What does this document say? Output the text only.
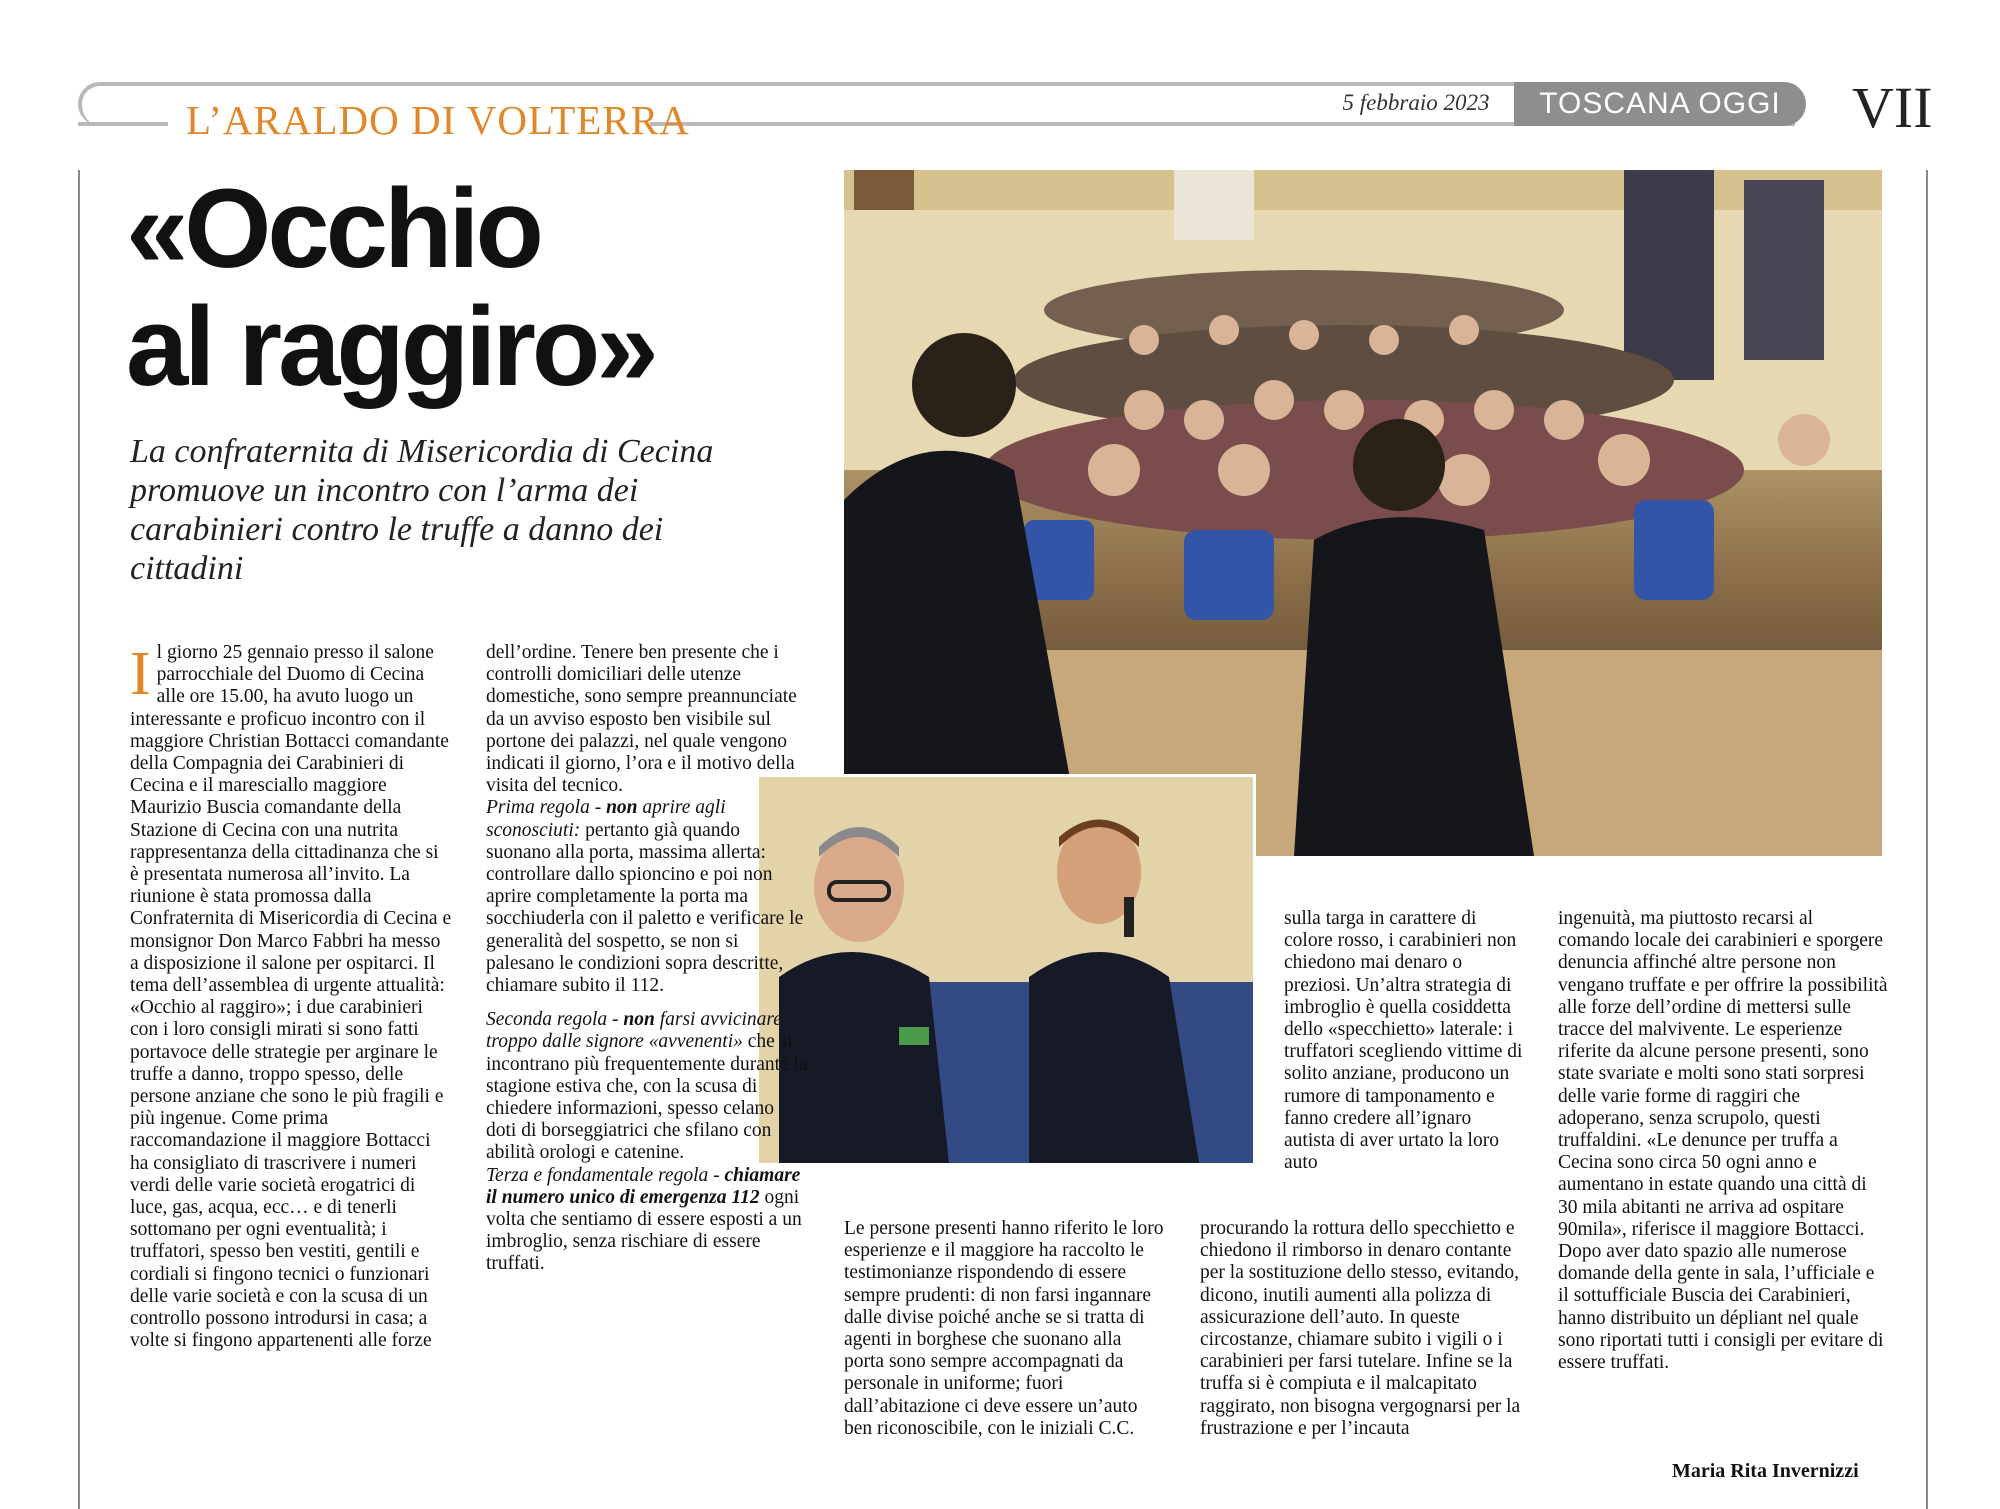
L’ARALDO DI VOLTERRA	5 febbraio 2023	TOSCANA OGGI	VII
«Occhio
al raggiro»
La confraternita di Misericordia di Cecina promuove un incontro con l’arma dei carabinieri contro le truffe a danno dei cittadini
Il giorno 25 gennaio presso il salone parrocchiale del Duomo di Cecina alle ore 15.00, ha avuto luogo un interessante e proficuo incontro con il maggiore Christian Bottacci comandante della Compagnia dei Carabinieri di Cecina e il maresciallo maggiore Maurizio Buscia comandante della Stazione di Cecina con una nutrita rappresentanza della cittadinanza che si è presentata numerosa all’invito. La riunione è stata promossa dalla Confraternita di Misericordia di Cecina e monsignor Don Marco Fabbri ha messo a disposizione il salone per ospitarci. Il tema dell’assemblea di urgente attualità: «Occhio al raggiro»; i due carabinieri con i loro consigli mirati si sono fatti portavoce delle strategie per arginare le truffe a danno, troppo spesso, delle persone anziane che sono le più fragili e più ingenue. Come prima raccomandazione il maggiore Bottacci ha consigliato di trascrivere i numeri verdi delle varie società erogatrici di luce, gas, acqua, ecc… e di tenerli sottomano per ogni eventualità; i truffatori, spesso ben vestiti, gentili e cordiali si fingono tecnici o funzionari delle varie società e con la scusa di un controllo possono introdursi in casa; a volte si fingono appartenenti alle forze

dell’ordine. Tenere ben presente che i controlli domiciliari delle utenze domestiche, sono sempre preannunciate da un avviso esposto ben visibile sul portone dei palazzi, nel quale vengono indicati il giorno, l’ora e il motivo della visita del tecnico.

Prima regola - non aprire agli sconosciuti: pertanto già quando suonano alla porta, massima allerta: controllare dallo spioncino e poi non aprire completamente la porta ma socchiuderla con il paletto e verificare le generalità del sospetto, se non si palesano le condizioni sopra descritte, chiamare subito il 112.

Seconda regola - non farsi avvicinare troppo dalle signore «avvenenti» che si incontrano più frequentemente durante la stagione estiva che, con la scusa di chiedere informazioni, spesso celano doti di borseggiatrici che sfilano con abilità orologi e catenine.

Terza e fondamentale regola - chiamare il numero unico di emergenza 112 ogni volta che sentiamo di essere esposti a un imbroglio, senza rischiare di essere truffati.

Le persone presenti hanno riferito le loro esperienze e il maggiore ha raccolto le testimonianze rispondendo di essere sempre prudenti: di non farsi ingannare dalle divise poiché anche se si tratta di agenti in borghese che suonano alla porta sono sempre accompagnati da personale in uniforme; fuori dall’abitazione ci deve essere un’auto ben riconoscibile, con le iniziali C.C.

sulla targa in carattere di colore rosso, i carabinieri non chiedono mai denaro o preziosi. Un’altra strategia di imbroglio è quella cosiddetta dello «specchietto» laterale: i truffatori scegliendo vittime di solito anziane, producono un rumore di tamponamento e fanno credere all’ignaro autista di aver urtato la loro auto

procurando la rottura dello specchietto e chiedono il rimborso in denaro contante per la sostituzione dello stesso, evitando, dicono, inutili aumenti alla polizza di assicurazione dell’auto. In queste circostanze, chiamare subito i vigili o i carabinieri per farsi tutelare. Infine se la truffa si è compiuta e il malcapitato raggirato, non bisogna vergognarsi per la frustrazione e per l’incauta

ingenuità, ma piuttosto recarsi al comando locale dei carabinieri e sporgere denuncia affinché altre persone non vengano truffate e per offrire la possibilità alle forze dell’ordine di mettersi sulle tracce del malvivente. Le esperienze riferite da alcune persone presenti, sono state svariate e molti sono stati sorpresi delle varie forme di raggiri che adoperano, senza scrupolo, questi truffaldini. «Le denunce per truffa a Cecina sono circa 50 ogni anno e aumentano in estate quando una città di 30 mila abitanti ne arriva ad ospitare 90mila», riferisce il maggiore Bottacci. Dopo aver dato spazio alle numerose domande della gente in sala, l’ufficiale e il sottufficiale Buscia dei Carabinieri, hanno distribuito un dépliant nel quale sono riportati tutti i consigli per evitare di essere truffati.

Maria Rita Invernizzi
